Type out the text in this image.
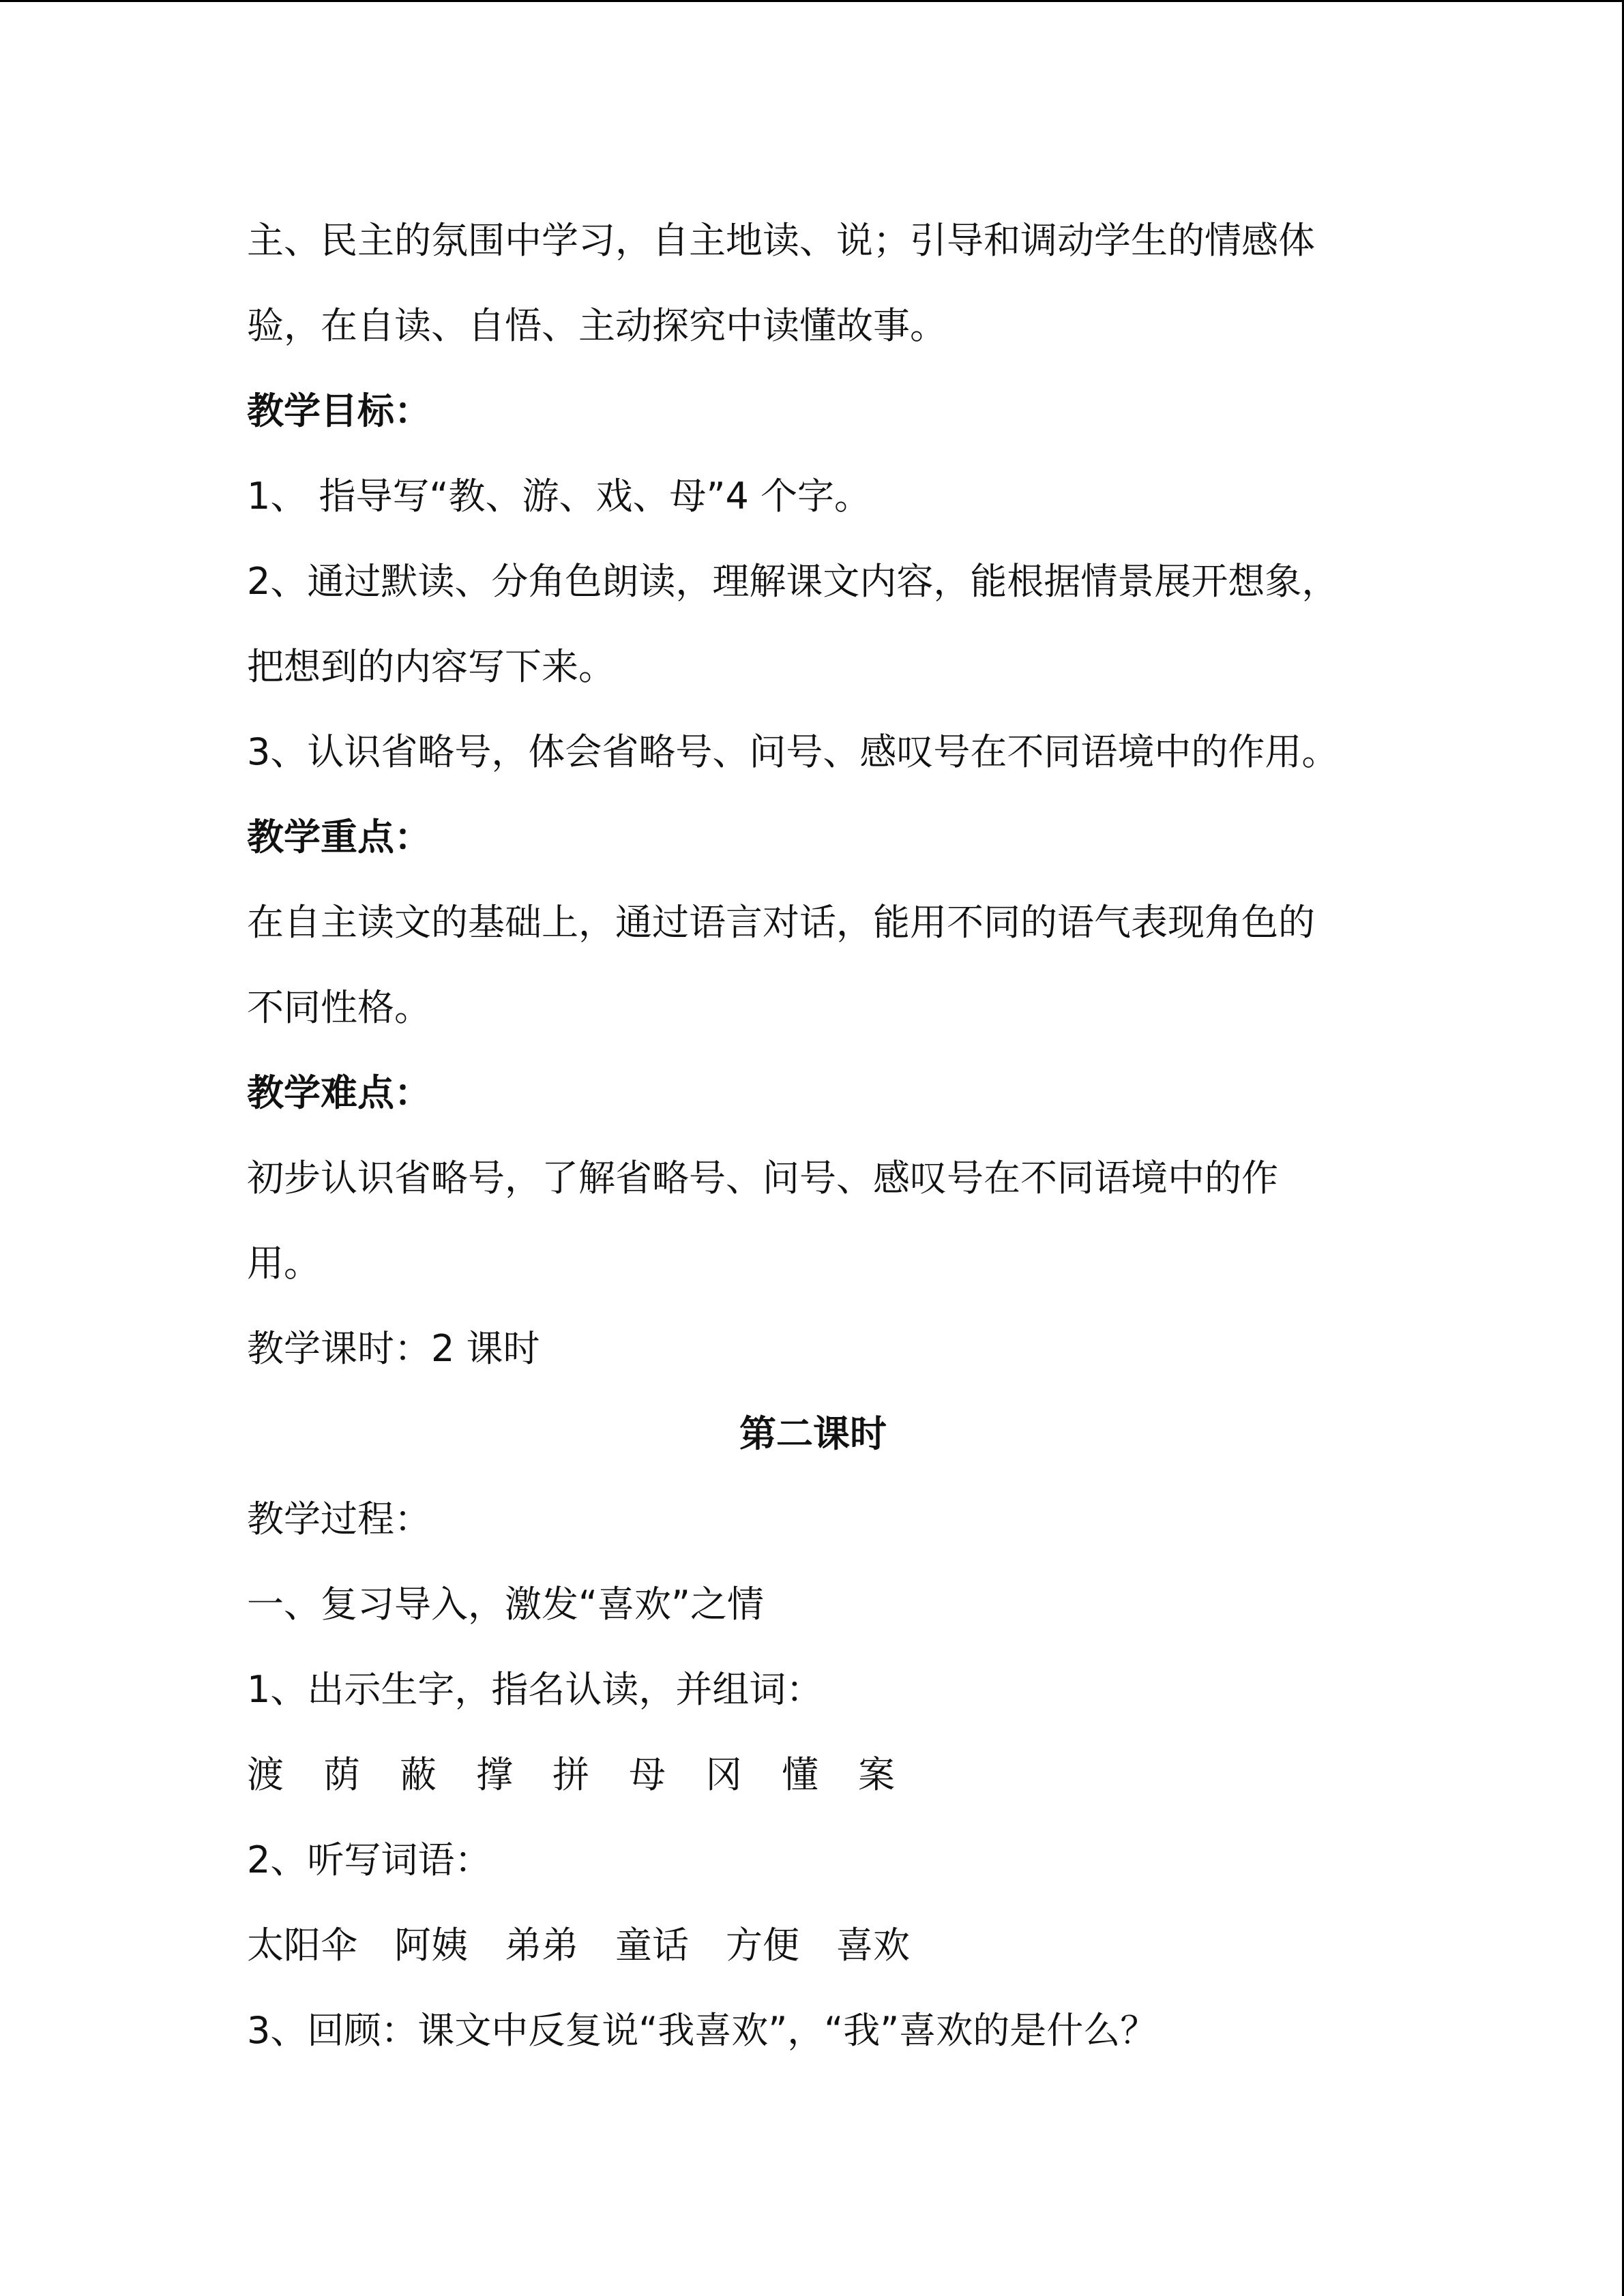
主、民主的氛围中学习，自主地读、说；引导和调动学生的情感体
验，在自读、自悟、主动探究中读懂故事。
教学目标：
1、 指导写“教、游、戏、母”4 个字。
2、通过默读、分角色朗读，理解课文内容，能根据情景展开想象，
把想到的内容写下来。
3、认识省略号，体会省略号、问号、感叹号在不同语境中的作用。
教学重点：
在自主读文的基础上，通过语言对话，能用不同的语气表现角色的
不同性格。
教学难点：
初步认识省略号，了解省略号、问号、感叹号在不同语境中的作
用。
教学课时：2 课时
第二课时
教学过程：
一、复习导入，激发“喜欢”之情
1、出示生字，指名认读，并组词：
渡 荫 蔽 撑 拼 母 冈 懂 案
2、听写词语：
太阳伞 阿姨 弟弟 童话 方便 喜欢
3、回顾：课文中反复说“我喜欢”，“我”喜欢的是什么？
